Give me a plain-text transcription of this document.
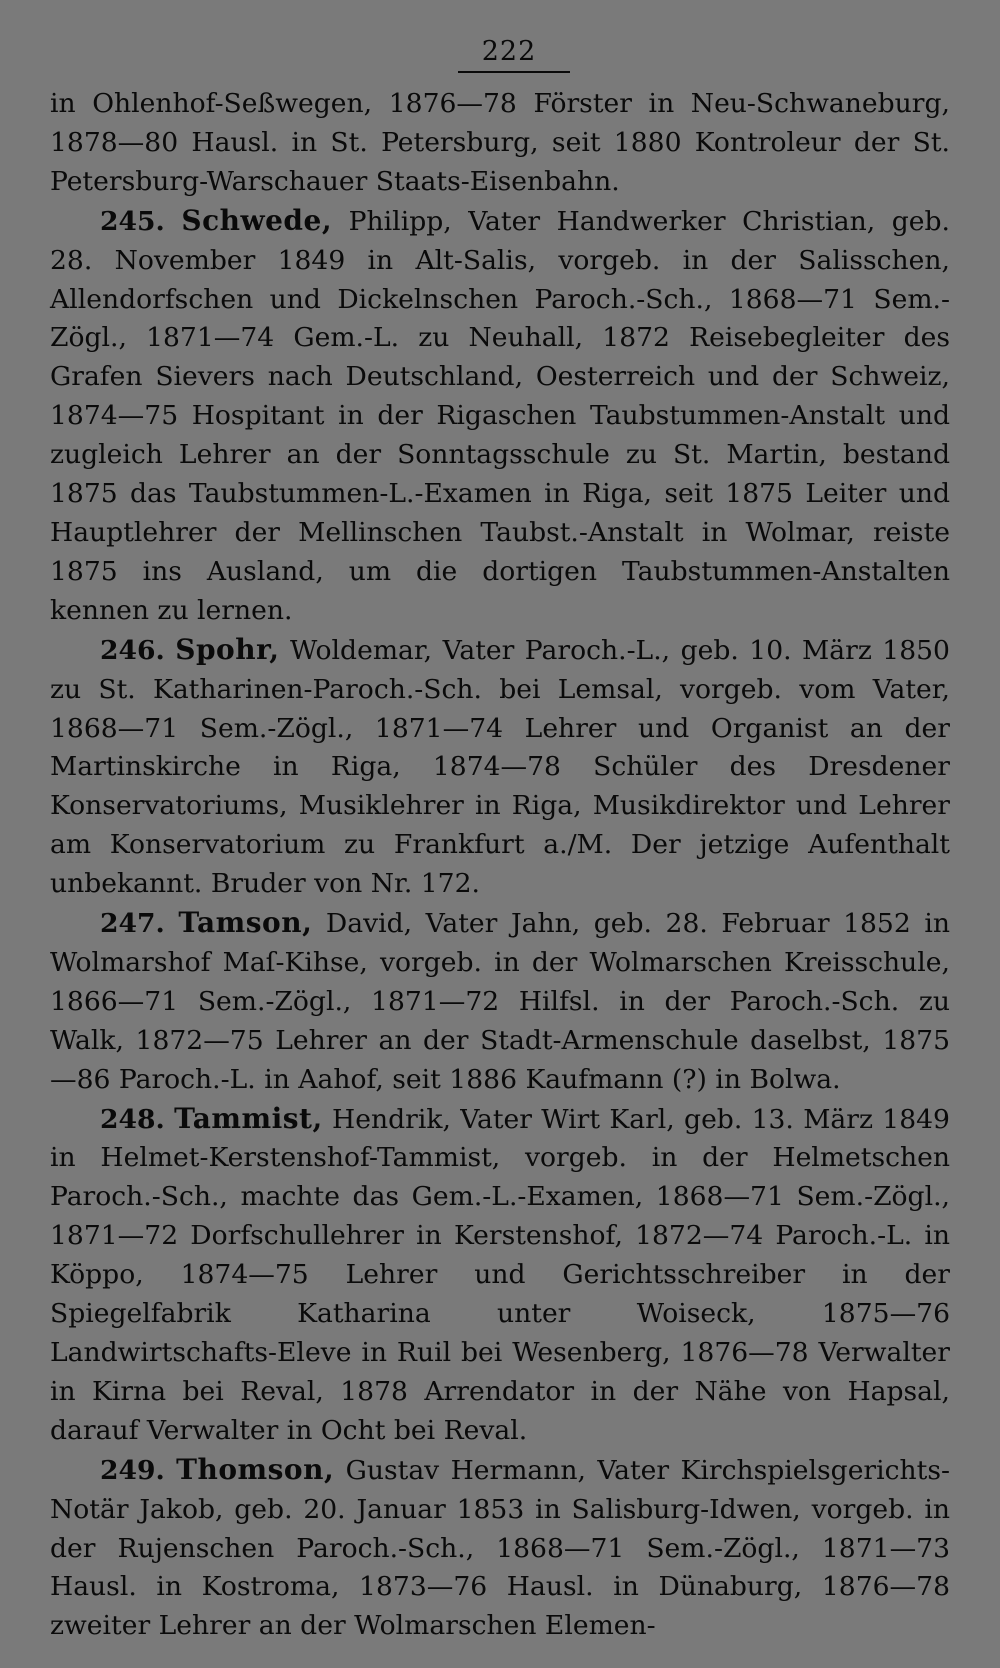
222

in Ohlenhof-Seßwegen, 1876—78 Förster in Neu-Schwaneburg, 1878—80 Hausl. in St. Petersburg, seit 1880 Kontroleur der St. Petersburg-Warschauer Staats-Eisenbahn.

245. Schwede, Philipp, Vater Handwerker Christian, geb. 28. November 1849 in Alt-Salis, vorgeb. in der Salisschen, Allendorfschen und Dickelnschen Paroch.-Sch., 1868—71 Sem.-Zögl., 1871—74 Gem.-L. zu Neuhall, 1872 Reisebegleiter des Grafen Sievers nach Deutschland, Oesterreich und der Schweiz, 1874—75 Hospitant in der Rigaschen Taubstummen-Anstalt und zugleich Lehrer an der Sonntagsschule zu St. Martin, bestand 1875 das Taubstummen-L.-Examen in Riga, seit 1875 Leiter und Hauptlehrer der Mellinschen Taubst.-Anstalt in Wolmar, reiste 1875 ins Ausland, um die dortigen Taubstummen-Anstalten kennen zu lernen.

246. Spohr, Woldemar, Vater Paroch.-L., geb. 10. März 1850 zu St. Katharinen-Paroch.-Sch. bei Lemsal, vorgeb. vom Vater, 1868—71 Sem.-Zögl., 1871—74 Lehrer und Organist an der Martinskirche in Riga, 1874—78 Schüler des Dresdener Konservatoriums, Musiklehrer in Riga, Musikdirektor und Lehrer am Konservatorium zu Frankfurt a./M. Der jetzige Aufenthalt unbekannt. Bruder von Nr. 172.

247. Tamson, David, Vater Jahn, geb. 28. Februar 1852 in Wolmarshof Maſ-Kihse, vorgeb. in der Wolmarschen Kreisschule, 1866—71 Sem.-Zögl., 1871—72 Hilfsl. in der Paroch.-Sch. zu Walk, 1872—75 Lehrer an der Stadt-Armenschule daselbst, 1875—86 Paroch.-L. in Aahof, seit 1886 Kaufmann (?) in Bolwa.

248. Tammist, Hendrik, Vater Wirt Karl, geb. 13. März 1849 in Helmet-Kerstenshof-Tammist, vorgeb. in der Helmetschen Paroch.-Sch., machte das Gem.-L.-Examen, 1868—71 Sem.-Zögl., 1871—72 Dorfschullehrer in Kerstenshof, 1872—74 Paroch.-L. in Köppo, 1874—75 Lehrer und Gerichtsschreiber in der Spiegelfabrik Katharina unter Woiseck, 1875—76 Landwirtschafts-Eleve in Ruil bei Wesenberg, 1876—78 Verwalter in Kirna bei Reval, 1878 Arrendator in der Nähe von Hapsal, darauf Verwalter in Ocht bei Reval.

249. Thomson, Gustav Hermann, Vater Kirchspielsgerichts-Notär Jakob, geb. 20. Januar 1853 in Salisburg-Idwen, vorgeb. in der Rujenschen Paroch.-Sch., 1868—71 Sem.-Zögl., 1871—73 Hausl. in Kostroma, 1873—76 Hausl. in Dünaburg, 1876—78 zweiter Lehrer an der Wolmarschen Elemen-
